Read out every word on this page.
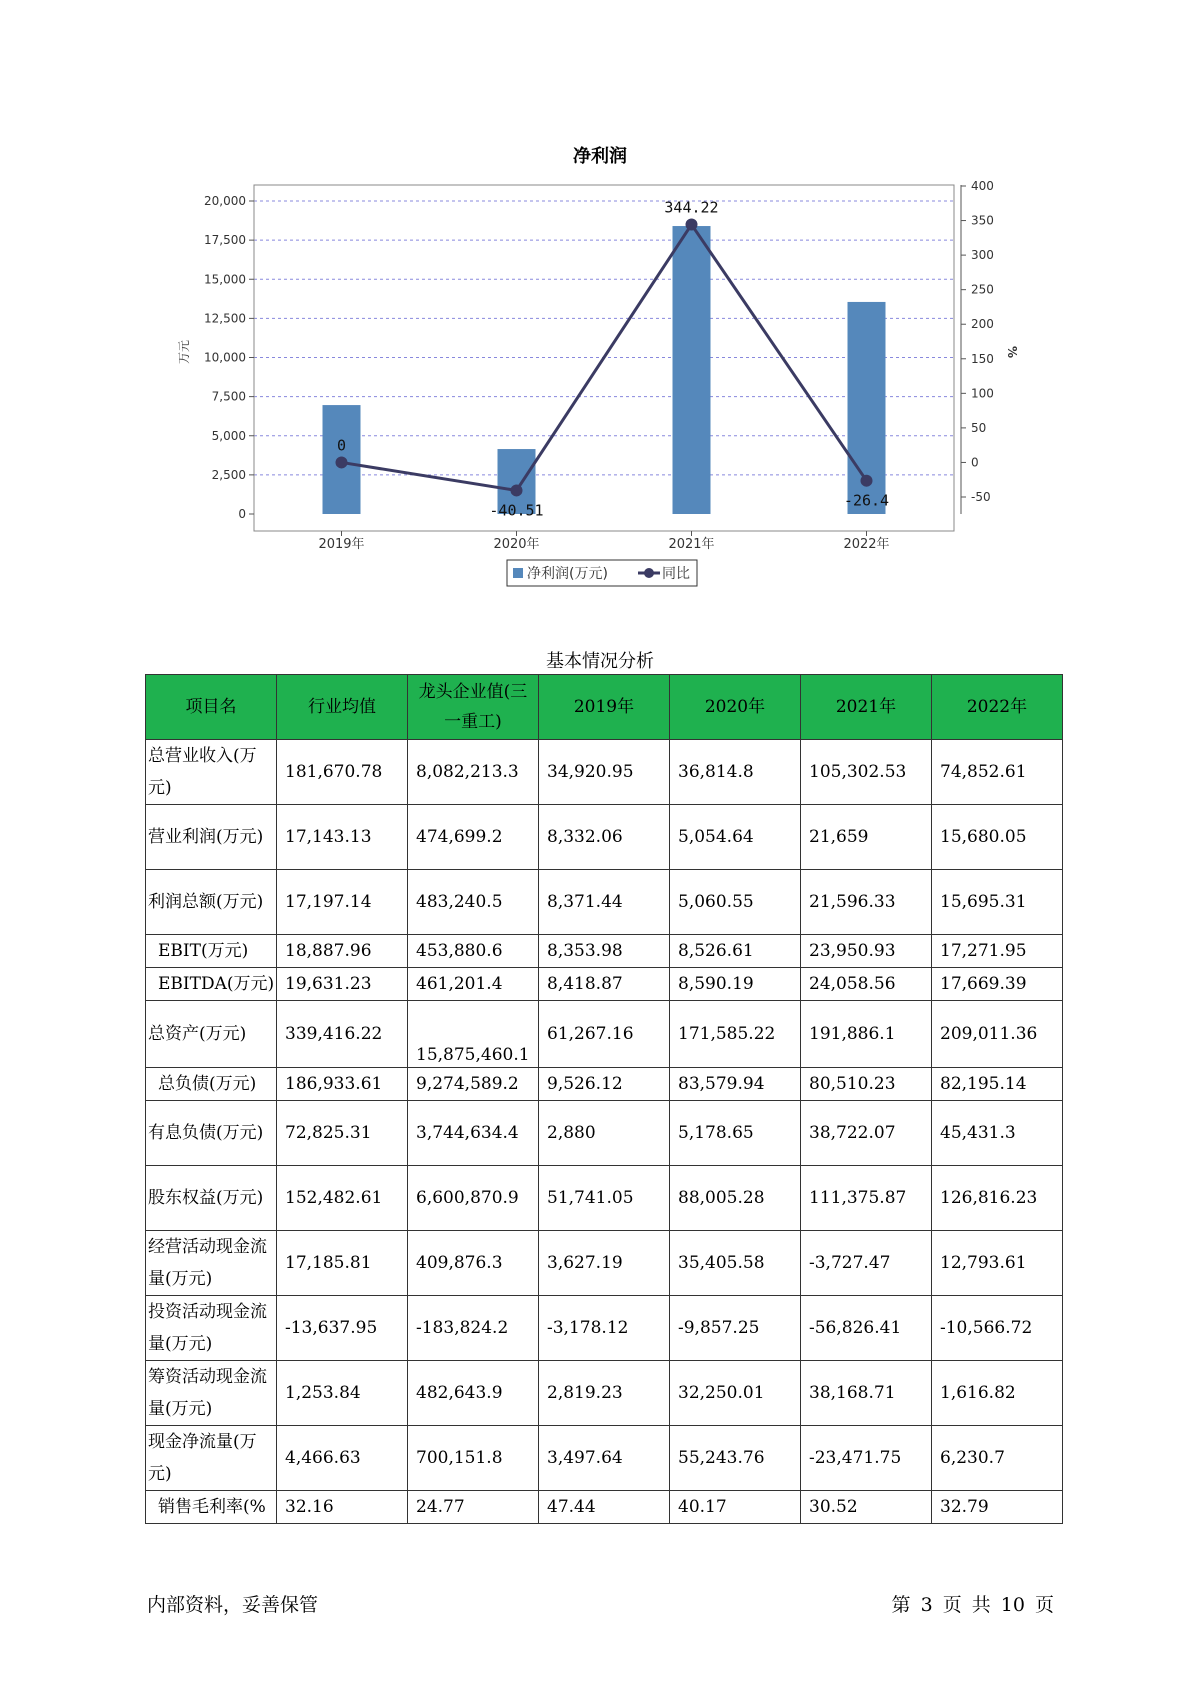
净利润
0
2,500
5,000
7,500
10,000
12,500
15,000
17,500
20,000
-50
0
50
100
150
200
250
300
350
400
2019年	2020年	2021年	2022年
万元	%
0
-40.51
344.22
-26.4
净利润(万元)	同比
基本情况分析
项目名	行业均值	龙头企业值(三一重工)	2019年	2020年	2021年	2022年
总营业收入(万元)	181,670.78	8,082,213.3	34,920.95	36,814.8	105,302.53	74,852.61
营业利润(万元)	17,143.13	474,699.2	8,332.06	5,054.64	21,659	15,680.05
利润总额(万元)	17,197.14	483,240.5	8,371.44	5,060.55	21,596.33	15,695.31
EBIT(万元)	18,887.96	453,880.6	8,353.98	8,526.61	23,950.93	17,271.95
EBITDA(万元)	19,631.23	461,201.4	8,418.87	8,590.19	24,058.56	17,669.39
总资产(万元)	339,416.22	15,875,460.1	61,267.16	171,585.22	191,886.1	209,011.36
总负债(万元)	186,933.61	9,274,589.2	9,526.12	83,579.94	80,510.23	82,195.14
有息负债(万元)	72,825.31	3,744,634.4	2,880	5,178.65	38,722.07	45,431.3
股东权益(万元)	152,482.61	6,600,870.9	51,741.05	88,005.28	111,375.87	126,816.23
经营活动现金流量(万元)	17,185.81	409,876.3	3,627.19	35,405.58	-3,727.47	12,793.61
投资活动现金流量(万元)	-13,637.95	-183,824.2	-3,178.12	-9,857.25	-56,826.41	-10,566.72
筹资活动现金流量(万元)	1,253.84	482,643.9	2,819.23	32,250.01	38,168.71	1,616.82
现金净流量(万元)	4,466.63	700,151.8	3,497.64	55,243.76	-23,471.75	6,230.7
销售毛利率(%	32.16	24.77	47.44	40.17	30.52	32.79
内部资料，妥善保管	第 3 页 共 10 页
